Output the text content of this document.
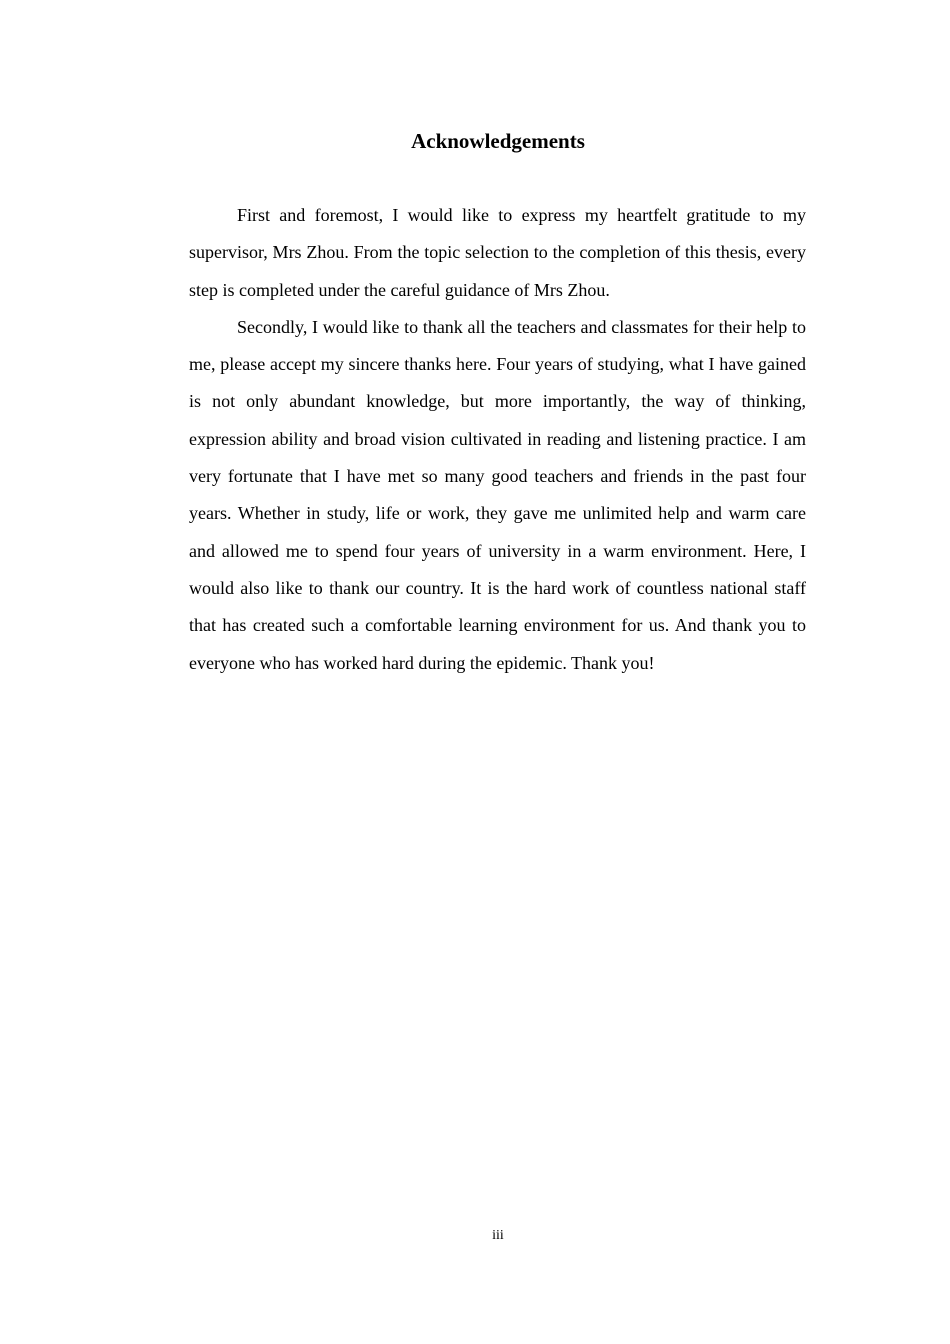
Acknowledgements

First and foremost, I would like to express my heartfelt gratitude to my supervisor, Mrs Zhou. From the topic selection to the completion of this thesis, every step is completed under the careful guidance of Mrs Zhou.

Secondly, I would like to thank all the teachers and classmates for their help to me, please accept my sincere thanks here. Four years of studying, what I have gained is not only abundant knowledge, but more importantly, the way of thinking, expression ability and broad vision cultivated in reading and listening practice. I am very fortunate that I have met so many good teachers and friends in the past four years. Whether in study, life or work, they gave me unlimited help and warm care and allowed me to spend four years of university in a warm environment. Here, I would also like to thank our country. It is the hard work of countless national staff that has created such a comfortable learning environment for us. And thank you to everyone who has worked hard during the epidemic. Thank you!

iii
